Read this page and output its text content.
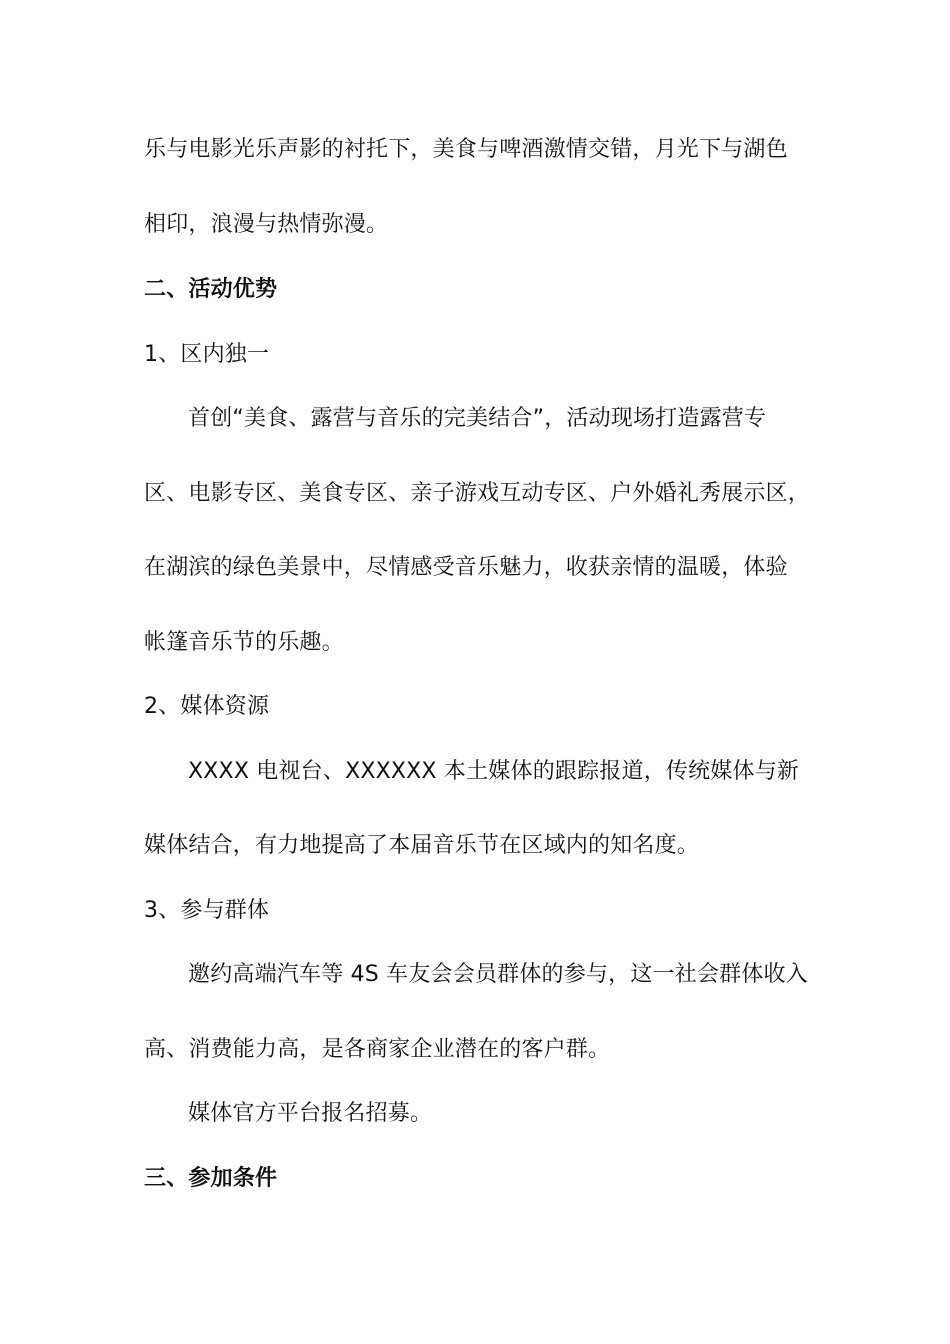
乐与电影光乐声影的衬托下，美食与啤酒激情交错，月光下与湖色
相印，浪漫与热情弥漫。
二、活动优势
1、区内独一
首创“美食、露营与音乐的完美结合”，活动现场打造露营专
区、电影专区、美食专区、亲子游戏互动专区、户外婚礼秀展示区，
在湖滨的绿色美景中，尽情感受音乐魅力，收获亲情的温暖，体验
帐篷音乐节的乐趣。
2、媒体资源
XXXX 电视台、XXXXXX 本土媒体的跟踪报道，传统媒体与新
媒体结合，有力地提高了本届音乐节在区域内的知名度。
3、参与群体
邀约高端汽车等 4S 车友会会员群体的参与，这一社会群体收入
高、消费能力高，是各商家企业潜在的客户群。
媒体官方平台报名招募。
三、参加条件
